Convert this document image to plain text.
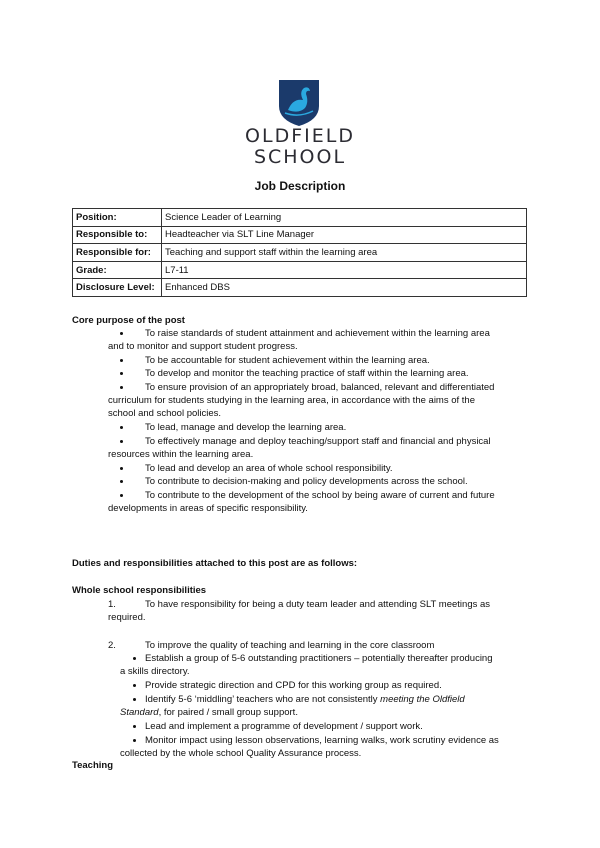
OLDFIELD
SCHOOL
Job Description
Position:	Science Leader of Learning
Responsible to:	Headteacher via SLT Line Manager
Responsible for:	Teaching and support staff within the learning area
Grade:	L7-11
Disclosure Level:	Enhanced DBS
Core purpose of the post
To raise standards of student attainment and achievement within the learning area
and to monitor and support student progress.
To be accountable for student achievement within the learning area.
To develop and monitor the teaching practice of staff within the learning area.
To ensure provision of an appropriately broad, balanced, relevant and differentiated
curriculum for students studying in the learning area, in accordance with the aims of the
school and school policies.
To lead, manage and develop the learning area.
To effectively manage and deploy teaching/support staff and financial and physical
resources within the learning area.
To lead and develop an area of whole school responsibility.
To contribute to decision-making and policy developments across the school.
To contribute to the development of the school by being aware of current and future
developments in areas of specific responsibility.
Duties and responsibilities attached to this post are as follows:
Whole school responsibilities
1.	To have responsibility for being a duty team leader and attending SLT meetings as
required.
2.	To improve the quality of teaching and learning in the core classroom
Establish a group of 5-6 outstanding practitioners – potentially thereafter producing
a skills directory.
Provide strategic direction and CPD for this working group as required.
Identify 5-6 ‘middling’ teachers who are not consistently meeting the Oldfield
Standard, for paired / small group support.
Lead and implement a programme of development / support work.
Monitor impact using lesson observations, learning walks, work scrutiny evidence as
collected by the whole school Quality Assurance process.
Teaching
